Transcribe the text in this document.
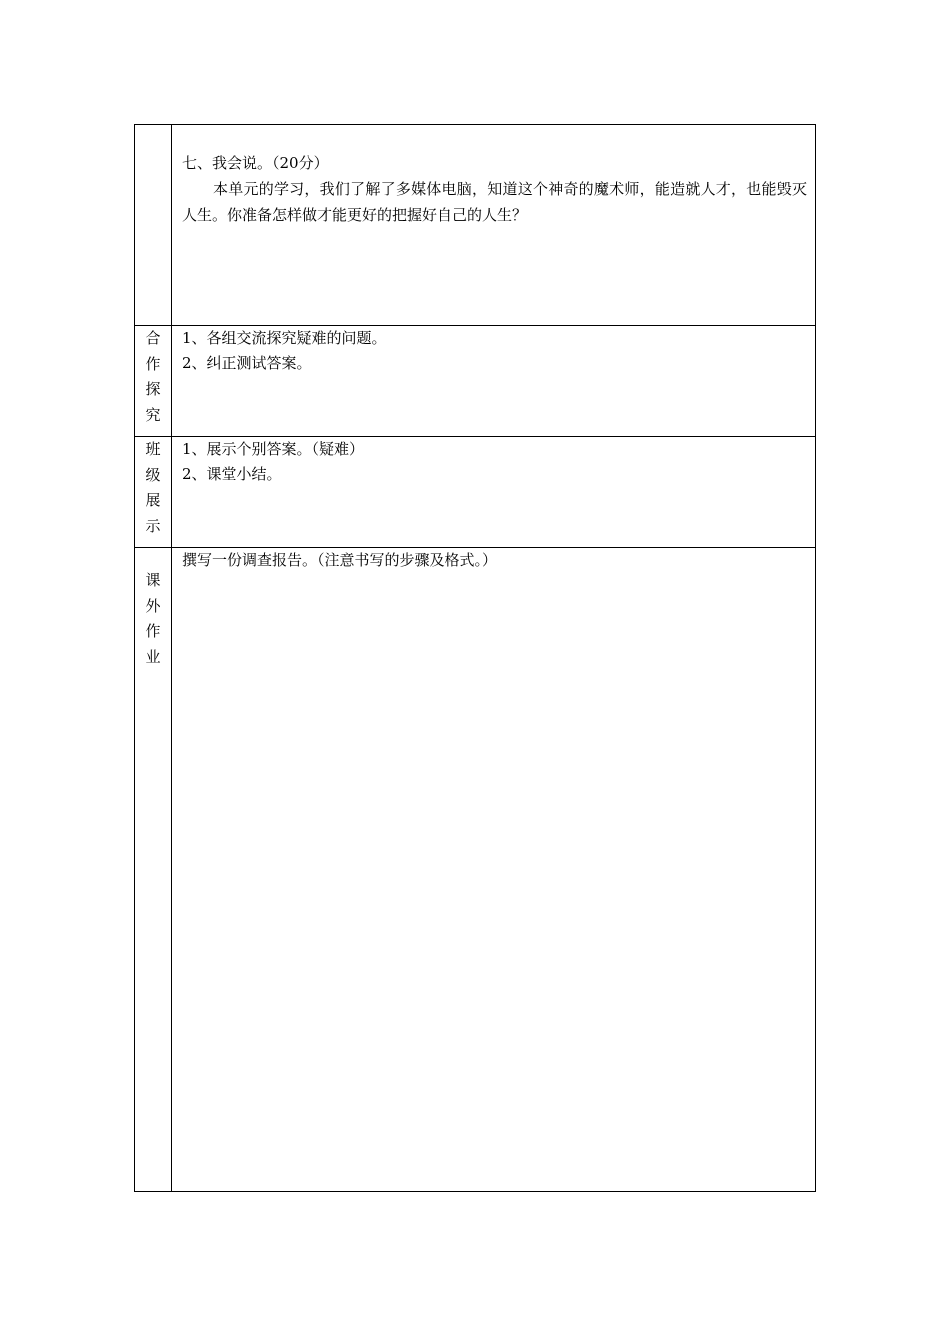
七、我会说。（20分）
本单元的学习，我们了解了多媒体电脑，知道这个神奇的魔术师，能造就人才，也能毁灭人生。你准备怎样做才能更好的把握好自己的人生？
合
作
探
究
1、各组交流探究疑难的问题。
2、纠正测试答案。
班
级
展
示
1、展示个别答案。（疑难）
2、课堂小结。
课
外
作
业
撰写一份调查报告。（注意书写的步骤及格式。）
